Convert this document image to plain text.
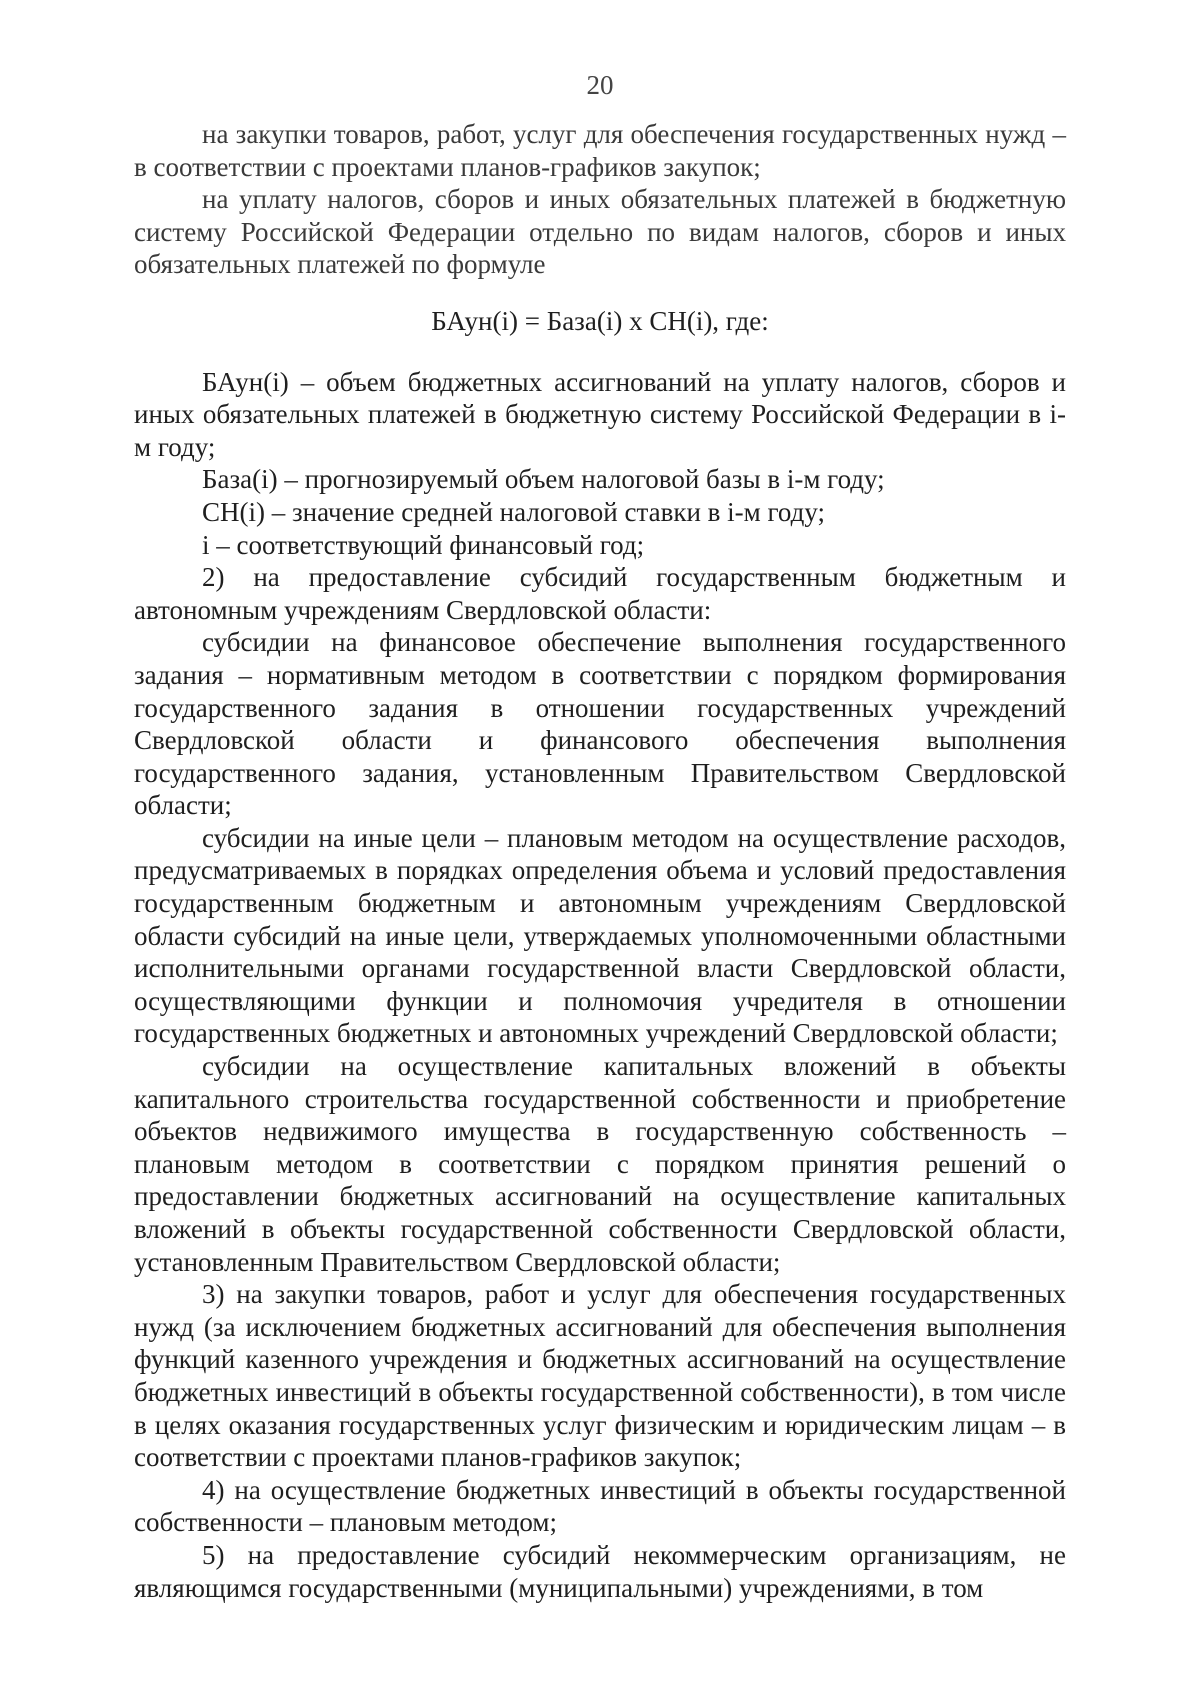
20

на закупки товаров, работ, услуг для обеспечения государственных нужд – в соответствии с проектами планов-графиков закупок;

на уплату налогов, сборов и иных обязательных платежей в бюджетную систему Российской Федерации отдельно по видам налогов, сборов и иных обязательных платежей по формуле

БАун(i) = База(i) х СН(i), где:

БАун(i) – объем бюджетных ассигнований на уплату налогов, сборов и иных обязательных платежей в бюджетную систему Российской Федерации в i-м году;

База(i) – прогнозируемый объем налоговой базы в i-м году;

СН(i) – значение средней налоговой ставки в i-м году;

i – соответствующий финансовый год;

2) на предоставление субсидий государственным бюджетным и автономным учреждениям Свердловской области:

субсидии на финансовое обеспечение выполнения государственного задания – нормативным методом в соответствии с порядком формирования государственного задания в отношении государственных учреждений Свердловской области и финансового обеспечения выполнения государственного задания, установленным Правительством Свердловской области;

субсидии на иные цели – плановым методом на осуществление расходов, предусматриваемых в порядках определения объема и условий предоставления государственным бюджетным и автономным учреждениям Свердловской области субсидий на иные цели, утверждаемых уполномоченными областными исполнительными органами государственной власти Свердловской области, осуществляющими функции и полномочия учредителя в отношении государственных бюджетных и автономных учреждений Свердловской области;

субсидии на осуществление капитальных вложений в объекты капитального строительства государственной собственности и приобретение объектов недвижимого имущества в государственную собственность – плановым методом в соответствии с порядком принятия решений о предоставлении бюджетных ассигнований на осуществление капитальных вложений в объекты государственной собственности Свердловской области, установленным Правительством Свердловской области;

3) на закупки товаров, работ и услуг для обеспечения государственных нужд (за исключением бюджетных ассигнований для обеспечения выполнения функций казенного учреждения и бюджетных ассигнований на осуществление бюджетных инвестиций в объекты государственной собственности), в том числе в целях оказания государственных услуг физическим и юридическим лицам – в соответствии с проектами планов-графиков закупок;

4) на осуществление бюджетных инвестиций в объекты государственной собственности – плановым методом;

5) на предоставление субсидий некоммерческим организациям, не являющимся государственными (муниципальными) учреждениями, в том
